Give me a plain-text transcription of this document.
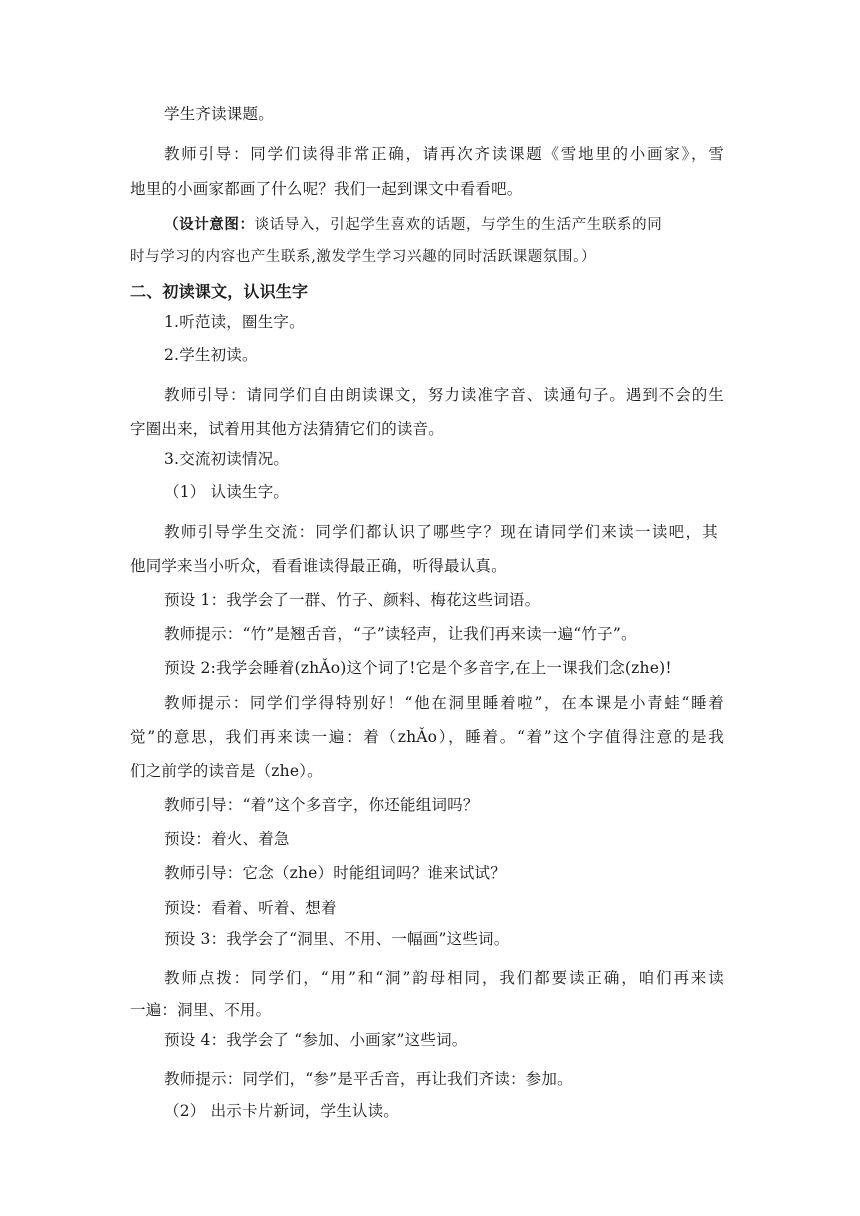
学生齐读课题。
教师引导：同学们读得非常正确，请再次齐读课题《雪地里的小画家》，雪
地里的小画家都画了什么呢？我们一起到课文中看看吧。
（设计意图：谈话导入，引起学生喜欢的话题，与学生的生活产生联系的同
时与学习的内容也产生联系,激发学生学习兴趣的同时活跃课题氛围。）
二、初读课文，认识生字
1.听范读，圈生字。
2.学生初读。
教师引导：请同学们自由朗读课文，努力读准字音、读通句子。遇到不会的生
字圈出来，试着用其他方法猜猜它们的读音。
3.交流初读情况。
（1） 认读生字。
教师引导学生交流：同学们都认识了哪些字？现在请同学们来读一读吧，其
他同学来当小听众，看看谁读得最正确，听得最认真。
预设 1：我学会了一群、竹子、颜料、梅花这些词语。
教师提示：“竹”是翘舌音，“子”读轻声，让我们再来读一遍“竹子”。
预设 2:我学会睡着(zhǍo)这个词了!它是个多音字,在上一课我们念(zhe)!
教师提示：同学们学得特别好！“他在洞里睡着啦”，在本课是小青蛙“睡着
觉”的意思，我们再来读一遍：着（zhǍo），睡着。“着”这个字值得注意的是我
们之前学的读音是（zhe）。
教师引导：“着”这个多音字，你还能组词吗？
预设：着火、着急
教师引导：它念（zhe）时能组词吗？谁来试试？
预设：看着、听着、想着
预设 3：我学会了“洞里、不用、一幅画”这些词。
教师点拨：同学们，“用”和“洞”韵母相同，我们都要读正确，咱们再来读
一遍：洞里、不用。
预设 4：我学会了 “参加、小画家”这些词。
教师提示：同学们，“参”是平舌音，再让我们齐读：参加。
（2） 出示卡片新词，学生认读。
